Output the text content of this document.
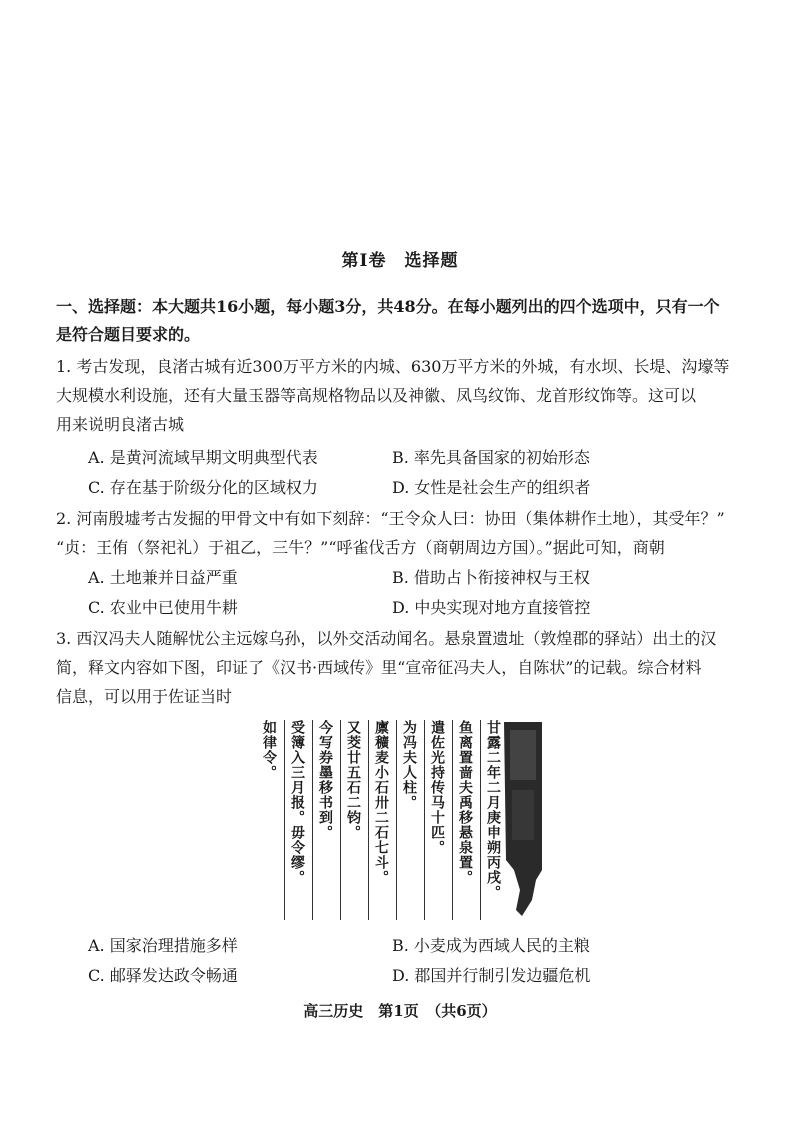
第Ⅰ卷　选择题
一、选择题：本大题共16小题，每小题3分，共48分。在每小题列出的四个选项中，只有一个
是符合题目要求的。
1. 考古发现，良渚古城有近300万平方米的内城、630万平方米的外城，有水坝、长堤、沟壕等
大规模水利设施，还有大量玉器等高规格物品以及神徽、凤鸟纹饰、龙首形纹饰等。这可以
用来说明良渚古城
A. 是黄河流域早期文明典型代表	B. 率先具备国家的初始形态
C. 存在基于阶级分化的区域权力	D. 女性是社会生产的组织者
2. 河南殷墟考古发掘的甲骨文中有如下刻辞：“王令众人曰：协田（集体耕作土地），其受年？”
“贞：王侑（祭祀礼）于祖乙，三牛？”“呼雀伐舌方（商朝周边方国）。”据此可知，商朝
A. 土地兼并日益严重	B. 借助占卜衔接神权与王权
C. 农业中已使用牛耕	D. 中央实现对地方直接管控
3. 西汉冯夫人随解忧公主远嫁乌孙，以外交活动闻名。悬泉置遗址（敦煌郡的驿站）出土的汉
简，释文内容如下图，印证了《汉书·西域传》里“宣帝征冯夫人，自陈状”的记载。综合材料
信息，可以用于佐证当时
如律令。 受簿入三月报。毋令缪。 今写券墨移书到。 又茭廿五石二钧。 廪穬麦小石卅二石七斗。 为冯夫人柱。 遣佐光持传马十匹。 鱼离置啬夫禹移悬泉置。 甘露二年二月庚申朔丙戌。
A. 国家治理措施多样	B. 小麦成为西域人民的主粮
C. 邮驿发达政令畅通	D. 郡国并行制引发边疆危机
高三历史　第1页　（共6页）
